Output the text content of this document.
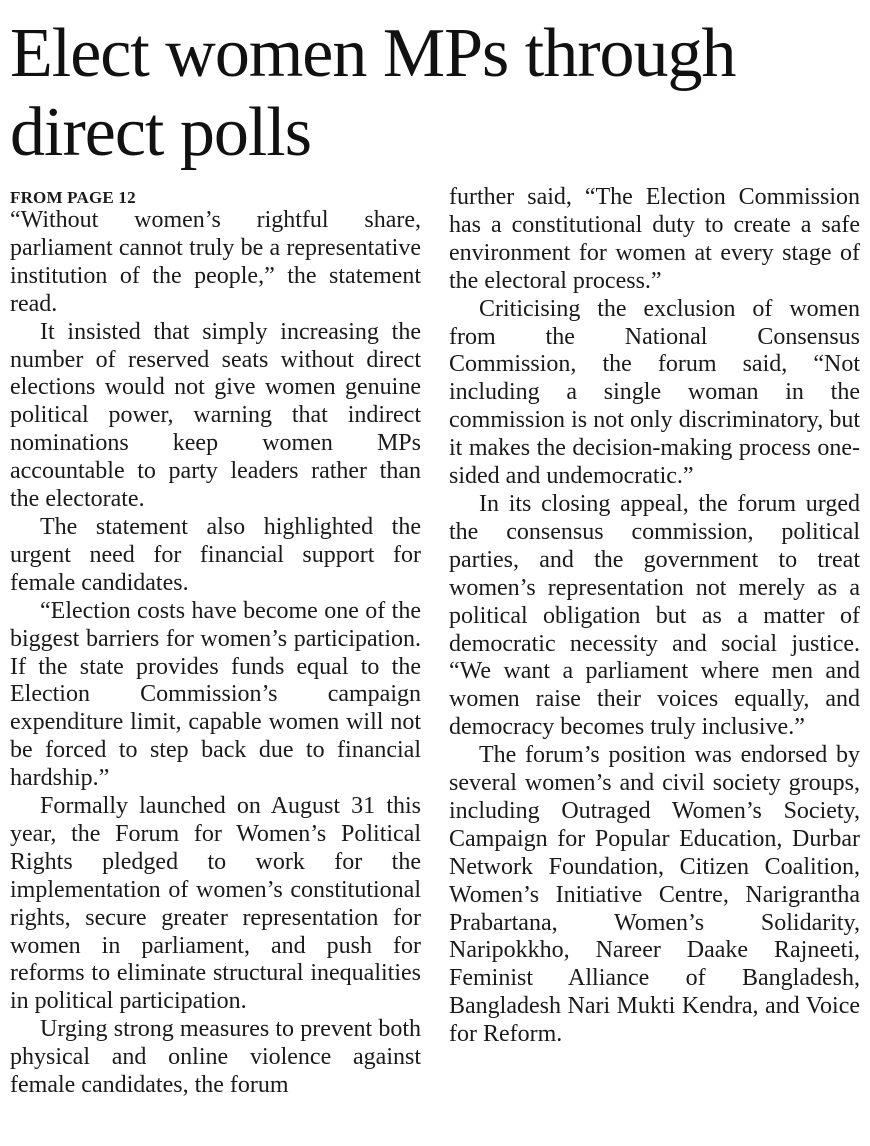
Elect women MPs through
direct polls
FROM PAGE 12

“Without women’s rightful share, parliament cannot truly be a representative institution of the people,” the statement read.

It insisted that simply increasing the number of reserved seats without direct elections would not give women genuine political power, warning that indirect nominations keep women MPs accountable to party leaders rather than the electorate.

The statement also highlighted the urgent need for financial support for female candidates.

“Election costs have become one of the biggest barriers for women’s participation. If the state provides funds equal to the Election Commission’s campaign expenditure limit, capable women will not be forced to step back due to financial hardship.”

Formally launched on August 31 this year, the Forum for Women’s Political Rights pledged to work for the implementation of women’s constitutional rights, secure greater representation for women in parliament, and push for reforms to eliminate structural inequalities in political participation.

Urging strong measures to prevent both physical and online violence against female candidates, the forum

further said, “The Election Commission has a constitutional duty to create a safe environment for women at every stage of the electoral process.”

Criticising the exclusion of women from the National Consensus Commission, the forum said, “Not including a single woman in the commission is not only discriminatory, but it makes the decision-making process one-sided and undemocratic.”

In its closing appeal, the forum urged the consensus commission, political parties, and the government to treat women’s representation not merely as a political obligation but as a matter of democratic necessity and social justice. “We want a parliament where men and women raise their voices equally, and democracy becomes truly inclusive.”

The forum’s position was endorsed by several women’s and civil society groups, including Outraged Women’s Society, Campaign for Popular Education, Durbar Network Foundation, Citizen Coalition, Women’s Initiative Centre, Narigrantha Prabartana, Women’s Solidarity, Naripokkho, Nareer Daake Rajneeti, Feminist Alliance of Bangladesh, Bangladesh Nari Mukti Kendra, and Voice for Reform.
